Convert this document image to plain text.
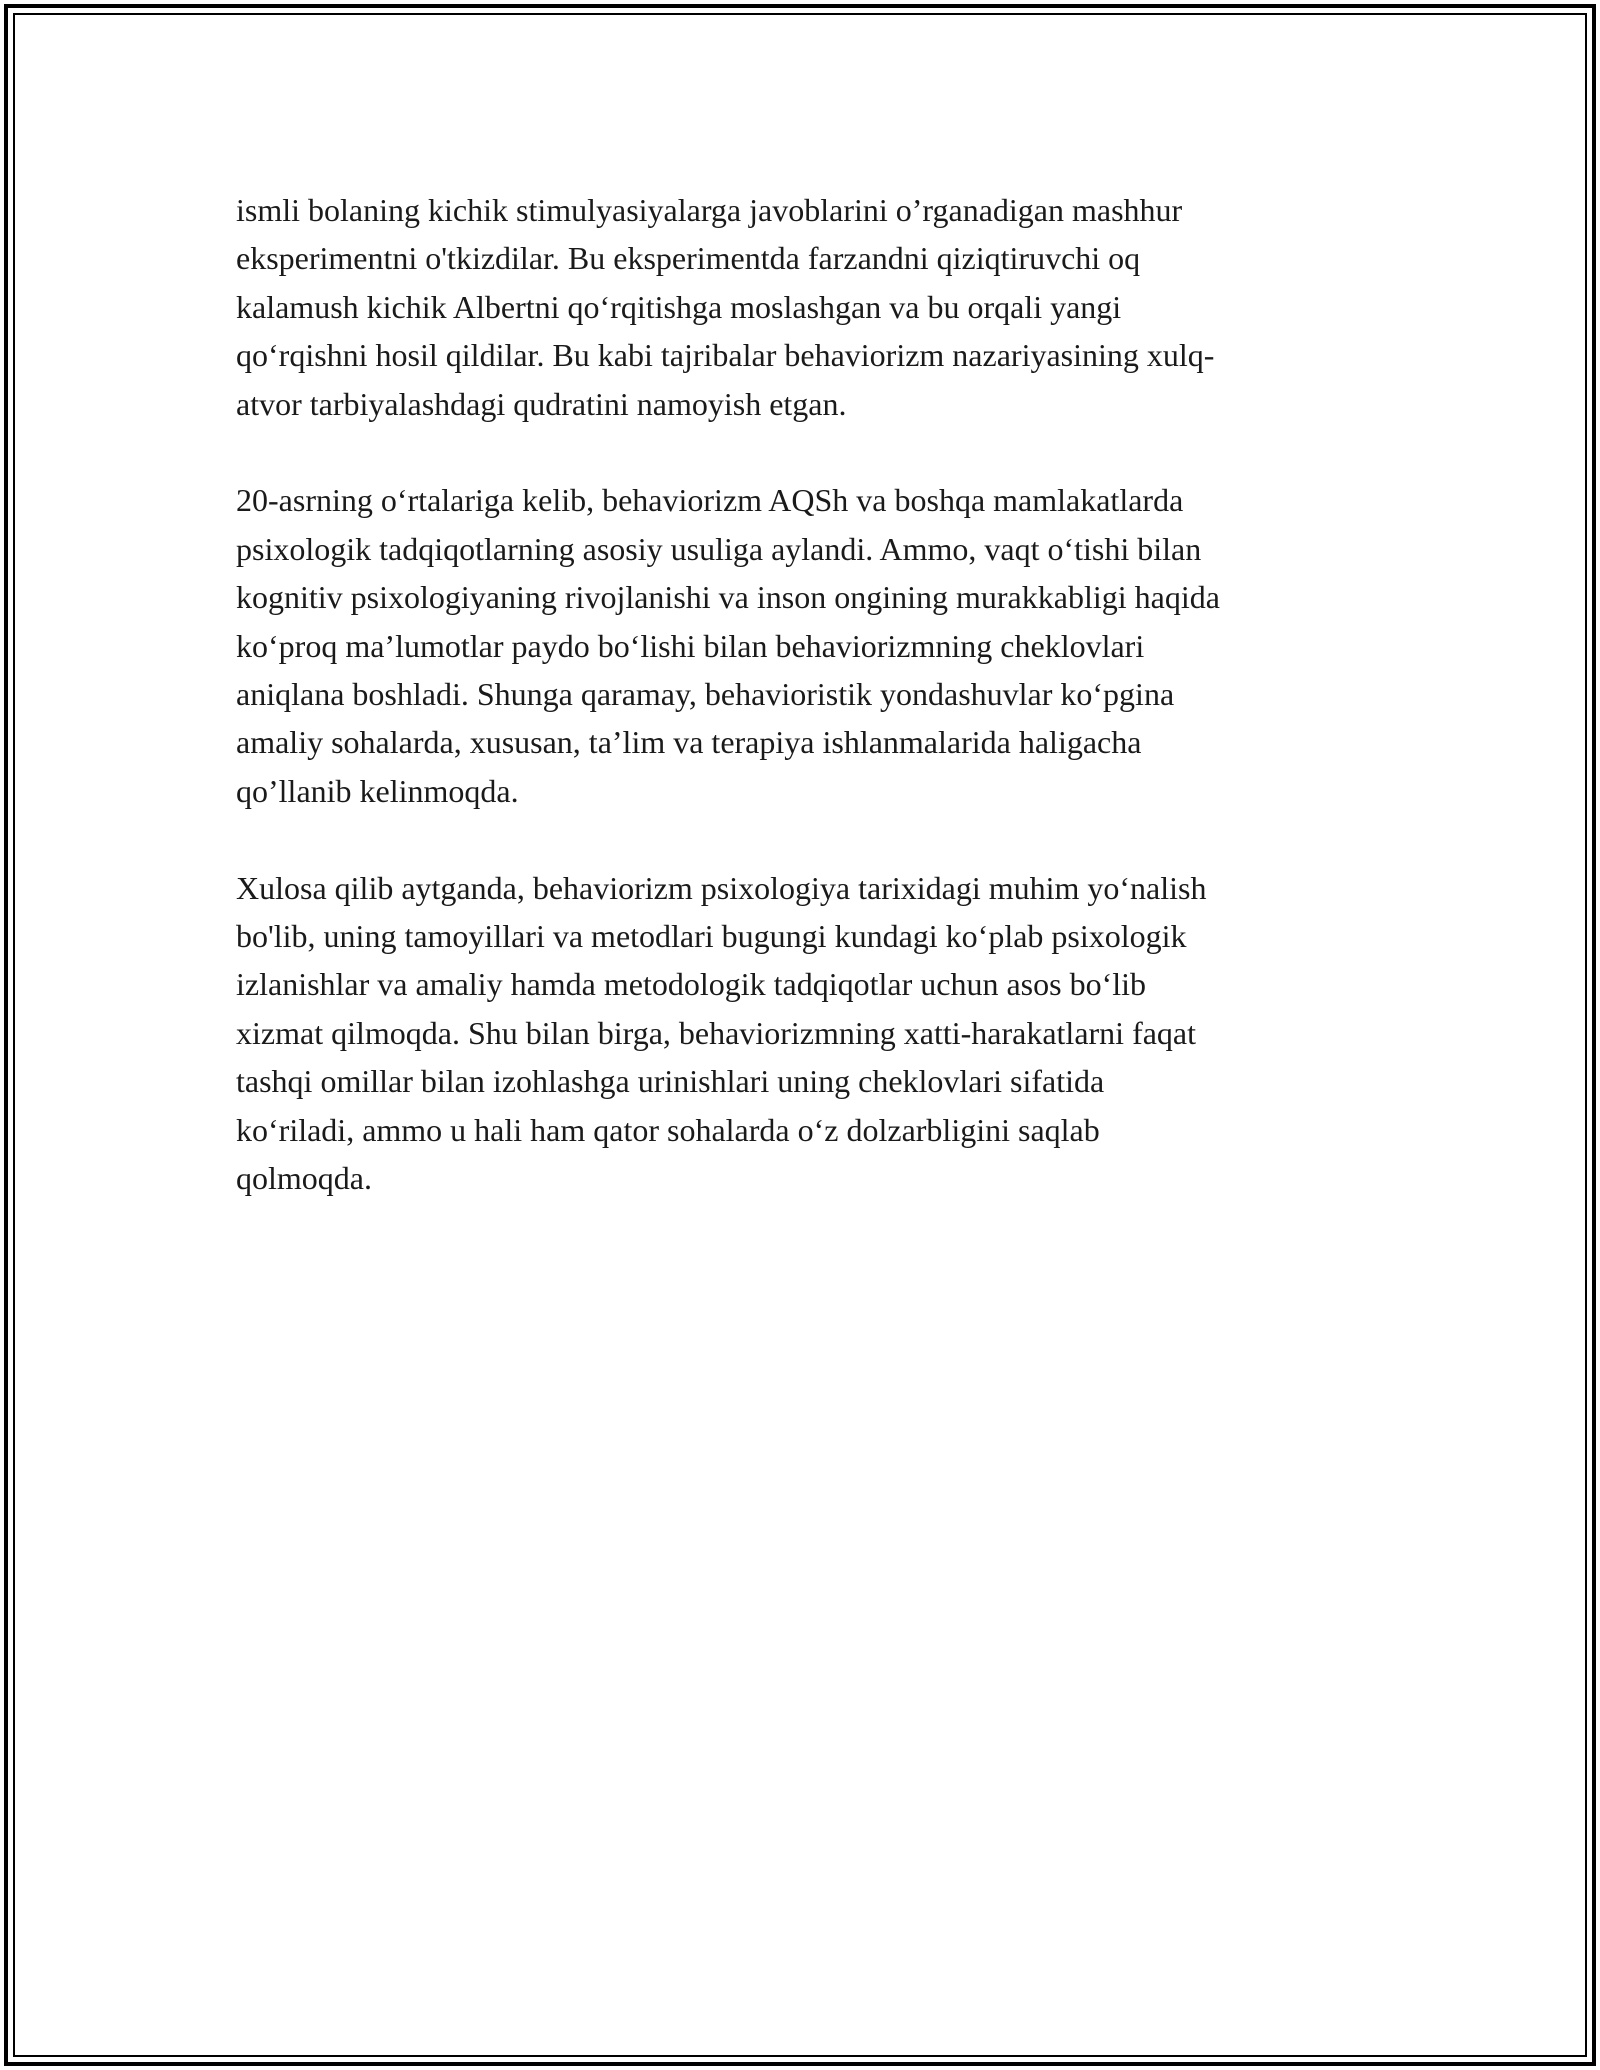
ismli bolaning kichik stimulyasiyalarga javoblarini o’rganadigan mashhur
eksperimentni o'tkizdilar. Bu eksperimentda farzandni qiziqtiruvchi oq
kalamush kichik Albertni qo‘rqitishga moslashgan va bu orqali yangi
qo‘rqishni hosil qildilar. Bu kabi tajribalar behaviorizm nazariyasining xulq-
atvor tarbiyalashdagi qudratini namoyish etgan.

20-asrning o‘rtalariga kelib, behaviorizm AQSh va boshqa mamlakatlarda
psixologik tadqiqotlarning asosiy usuliga aylandi. Ammo, vaqt o‘tishi bilan
kognitiv psixologiyaning rivojlanishi va inson ongining murakkabligi haqida
ko‘proq ma’lumotlar paydo bo‘lishi bilan behaviorizmning cheklovlari
aniqlana boshladi. Shunga qaramay, behavioristik yondashuvlar ko‘pgina
amaliy sohalarda, xususan, ta’lim va terapiya ishlanmalarida haligacha
qo’llanib kelinmoqda.

Xulosa qilib aytganda, behaviorizm psixologiya tarixidagi muhim yo‘nalish
bo'lib, uning tamoyillari va metodlari bugungi kundagi ko‘plab psixologik
izlanishlar va amaliy hamda metodologik tadqiqotlar uchun asos bo‘lib
xizmat qilmoqda. Shu bilan birga, behaviorizmning xatti-harakatlarni faqat
tashqi omillar bilan izohlashga urinishlari uning cheklovlari sifatida
ko‘riladi, ammo u hali ham qator sohalarda o‘z dolzarbligini saqlab
qolmoqda.
